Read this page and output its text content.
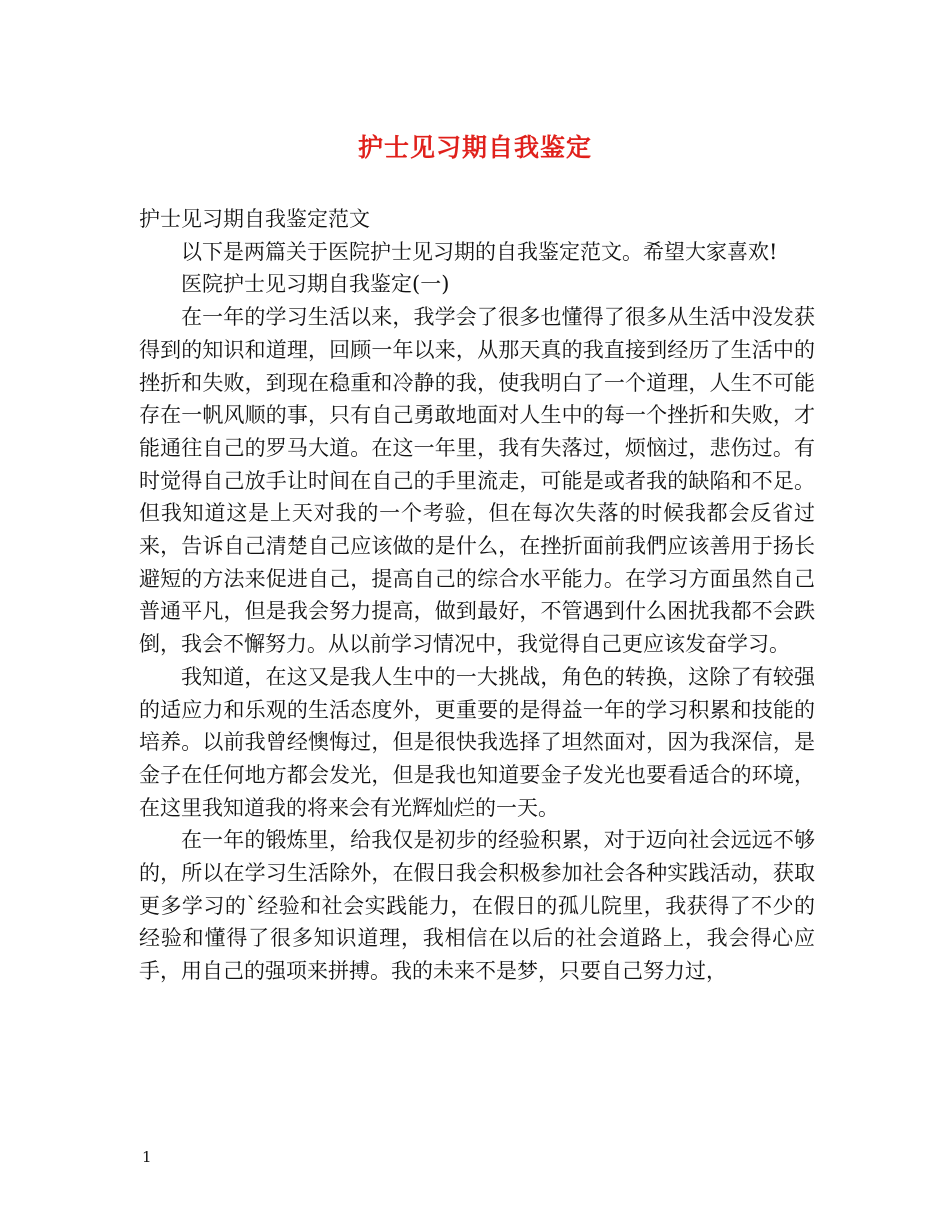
护士见习期自我鉴定

护士见习期自我鉴定范文

以下是两篇关于医院护士见习期的自我鉴定范文。希望大家喜欢!

医院护士见习期自我鉴定(一)

在一年的学习生活以来，我学会了很多也懂得了很多从生活中没发获得到的知识和道理，回顾一年以来，从那天真的我直接到经历了生活中的挫折和失败，到现在稳重和冷静的我，使我明白了一个道理，人生不可能存在一帆风顺的事，只有自己勇敢地面对人生中的每一个挫折和失败，才能通往自己的罗马大道。在这一年里，我有失落过，烦恼过，悲伤过。有时觉得自己放手让时间在自己的手里流走，可能是或者我的缺陷和不足。但我知道这是上天对我的一个考验，但在每次失落的时候我都会反省过来，告诉自己清楚自己应该做的是什么，在挫折面前我們应该善用于扬长避短的方法来促进自己，提高自己的综合水平能力。在学习方面虽然自己普通平凡，但是我会努力提高，做到最好，不管遇到什么困扰我都不会跌倒，我会不懈努力。从以前学习情况中，我觉得自己更应该发奋学习。

我知道，在这又是我人生中的一大挑战，角色的转换，这除了有较强的适应力和乐观的生活态度外，更重要的是得益一年的学习积累和技能的培养。以前我曾经懊悔过，但是很快我选择了坦然面对，因为我深信，是金子在任何地方都会发光，但是我也知道要金子发光也要看适合的环境，在这里我知道我的将来会有光辉灿烂的一天。

在一年的锻炼里，给我仅是初步的经验积累，对于迈向社会远远不够的，所以在学习生活除外，在假日我会积极参加社会各种实践活动，获取更多学习的`经验和社会实践能力，在假日的孤儿院里，我获得了不少的经验和懂得了很多知识道理，我相信在以后的社会道路上，我会得心应手，用自己的强项来拼搏。我的未来不是梦，只要自己努力过，

1
